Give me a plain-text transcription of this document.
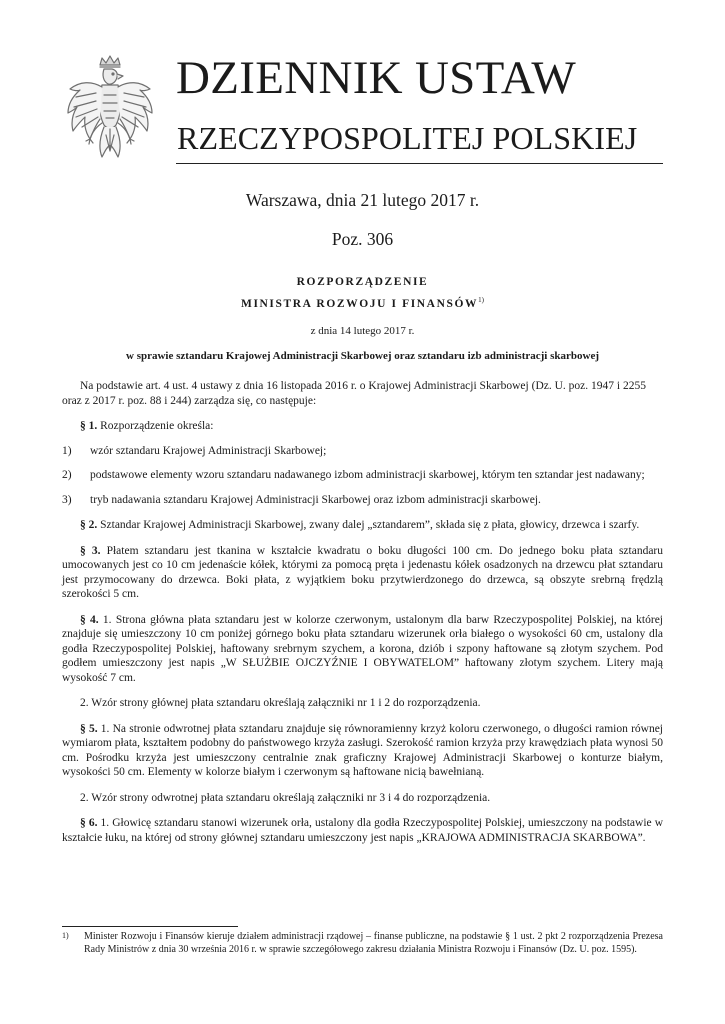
DZIENNIK USTAW
RZECZYPOSPOLITEJ POLSKIEJ
Warszawa, dnia 21 lutego 2017 r.
Poz. 306
ROZPORZĄDZENIE
MINISTRA ROZWOJU I FINANSÓW$^{1)}$
z dnia 14 lutego 2017 r.
w sprawie sztandaru Krajowej Administracji Skarbowej oraz sztandaru izb administracji skarbowej

Na podstawie art. 4 ust. 4 ustawy z dnia 16 listopada 2016 r. o Krajowej Administracji Skarbowej (Dz. U. poz. 1947 i 2255
oraz z 2017 r. poz. 88 i 244) zarządza się, co następuje:

§ 1. Rozporządzenie określa:

1)	wzór sztandaru Krajowej Administracji Skarbowej;
2)	podstawowe elementy wzoru sztandaru nadawanego izbom administracji skarbowej, którym ten sztandar jest nadawany;
3)	tryb nadawania sztandaru Krajowej Administracji Skarbowej oraz izbom administracji skarbowej.

§ 2. Sztandar Krajowej Administracji Skarbowej, zwany dalej „sztandarem”, składa się z płata, głowicy, drzewca i szarfy.

§ 3. Płatem sztandaru jest tkanina w kształcie kwadratu o boku długości 100 cm. Do jednego boku płata sztandaru umocowanych jest co 10 cm jedenaście kółek, którymi za pomocą pręta i jedenastu kółek osadzonych na drzewcu płat sztandaru jest przymocowany do drzewca. Boki płata, z wyjątkiem boku przytwierdzonego do drzewca, są obszyte srebrną frędzlą szerokości 5 cm.

§ 4. 1. Strona główna płata sztandaru jest w kolorze czerwonym, ustalonym dla barw Rzeczypospolitej Polskiej, na której znajduje się umieszczony 10 cm poniżej górnego boku płata sztandaru wizerunek orła białego o wysokości 60 cm, ustalony dla godła Rzeczypospolitej Polskiej, haftowany srebrnym szychem, a korona, dziób i szpony haftowane są złotym szychem. Pod godłem umieszczony jest napis „W SŁUŻBIE OJCZYŹNIE I OBYWATELOM” haftowany złotym szychem. Litery mają wysokość 7 cm.

2. Wzór strony głównej płata sztandaru określają załączniki nr 1 i 2 do rozporządzenia.

§ 5. 1. Na stronie odwrotnej płata sztandaru znajduje się równoramienny krzyż koloru czerwonego, o długości ramion równej wymiarom płata, kształtem podobny do państwowego krzyża zasługi. Szerokość ramion krzyża przy krawędziach płata wynosi 50 cm. Pośrodku krzyża jest umieszczony centralnie znak graficzny Krajowej Administracji Skarbowej o konturze białym, wysokości 50 cm. Elementy w kolorze białym i czerwonym są haftowane nicią bawełnianą.

2. Wzór strony odwrotnej płata sztandaru określają załączniki nr 3 i 4 do rozporządzenia.

§ 6. 1. Głowicę sztandaru stanowi wizerunek orła, ustalony dla godła Rzeczypospolitej Polskiej, umieszczony na podstawie w kształcie łuku, na której od strony głównej sztandaru umieszczony jest napis „KRAJOWA ADMINISTRACJA SKARBOWA”.

1)	Minister Rozwoju i Finansów kieruje działem administracji rządowej – finanse publiczne, na podstawie § 1 ust. 2 pkt 2 rozporządzenia Prezesa Rady Ministrów z dnia 30 września 2016 r. w sprawie szczegółowego zakresu działania Ministra Rozwoju i Finansów (Dz. U. poz. 1595).
